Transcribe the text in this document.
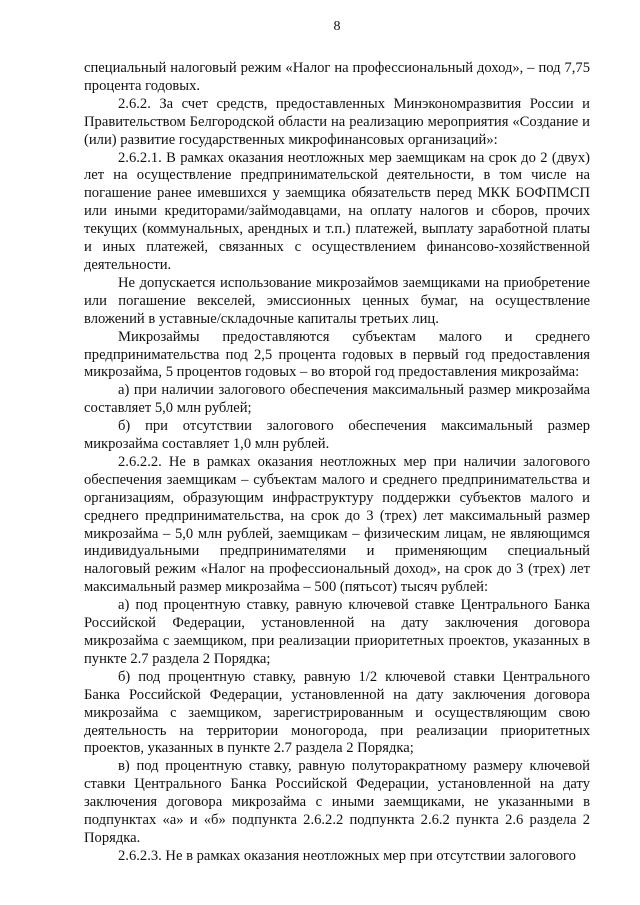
8

специальный налоговый режим «Налог на профессиональный доход», – под 7,75 процента годовых.

2.6.2. За счет средств, предоставленных Минэкономразвития России и Правительством Белгородской области на реализацию мероприятия «Создание и (или) развитие государственных микрофинансовых организаций»:

2.6.2.1. В рамках оказания неотложных мер заемщикам на срок до 2 (двух) лет на осуществление предпринимательской деятельности, в том числе на погашение ранее имевшихся у заемщика обязательств перед МКК БОФПМСП или иными кредиторами/займодавцами, на оплату налогов и сборов, прочих текущих (коммунальных, арендных и т.п.) платежей, выплату заработной платы и иных платежей, связанных с осуществлением финансово-хозяйственной деятельности.

Не допускается использование микрозаймов заемщиками на приобретение или погашение векселей, эмиссионных ценных бумаг, на осуществление вложений в уставные/складочные капиталы третьих лиц.

Микрозаймы предоставляются субъектам малого и среднего предпринимательства под 2,5 процента годовых в первый год предоставления микрозайма, 5 процентов годовых – во второй год предоставления микрозайма:

а) при наличии залогового обеспечения максимальный размер микрозайма составляет 5,0 млн рублей;

б) при отсутствии залогового обеспечения максимальный размер микрозайма составляет 1,0 млн рублей.

2.6.2.2. Не в рамках оказания неотложных мер при наличии залогового обеспечения заемщикам – субъектам малого и среднего предпринимательства и организациям, образующим инфраструктуру поддержки субъектов малого и среднего предпринимательства, на срок до 3 (трех) лет максимальный размер микрозайма – 5,0 млн рублей, заемщикам – физическим лицам, не являющимся индивидуальными предпринимателями и применяющим специальный налоговый режим «Налог на профессиональный доход», на срок до 3 (трех) лет максимальный размер микрозайма – 500 (пятьсот) тысяч рублей:

а) под процентную ставку, равную ключевой ставке Центрального Банка Российской Федерации, установленной на дату заключения договора микрозайма с заемщиком, при реализации приоритетных проектов, указанных в пункте 2.7 раздела 2 Порядка;

б) под процентную ставку, равную 1/2 ключевой ставки Центрального Банка Российской Федерации, установленной на дату заключения договора микрозайма с заемщиком, зарегистрированным и осуществляющим свою деятельность на территории моногорода, при реализации приоритетных проектов, указанных в пункте 2.7 раздела 2 Порядка;

в) под процентную ставку, равную полуторакратному размеру ключевой ставки Центрального Банка Российской Федерации, установленной на дату заключения договора микрозайма с иными заемщиками, не указанными в подпунктах «а» и «б» подпункта 2.6.2.2 подпункта 2.6.2 пункта 2.6 раздела 2 Порядка.

2.6.2.3. Не в рамках оказания неотложных мер при отсутствии залогового
